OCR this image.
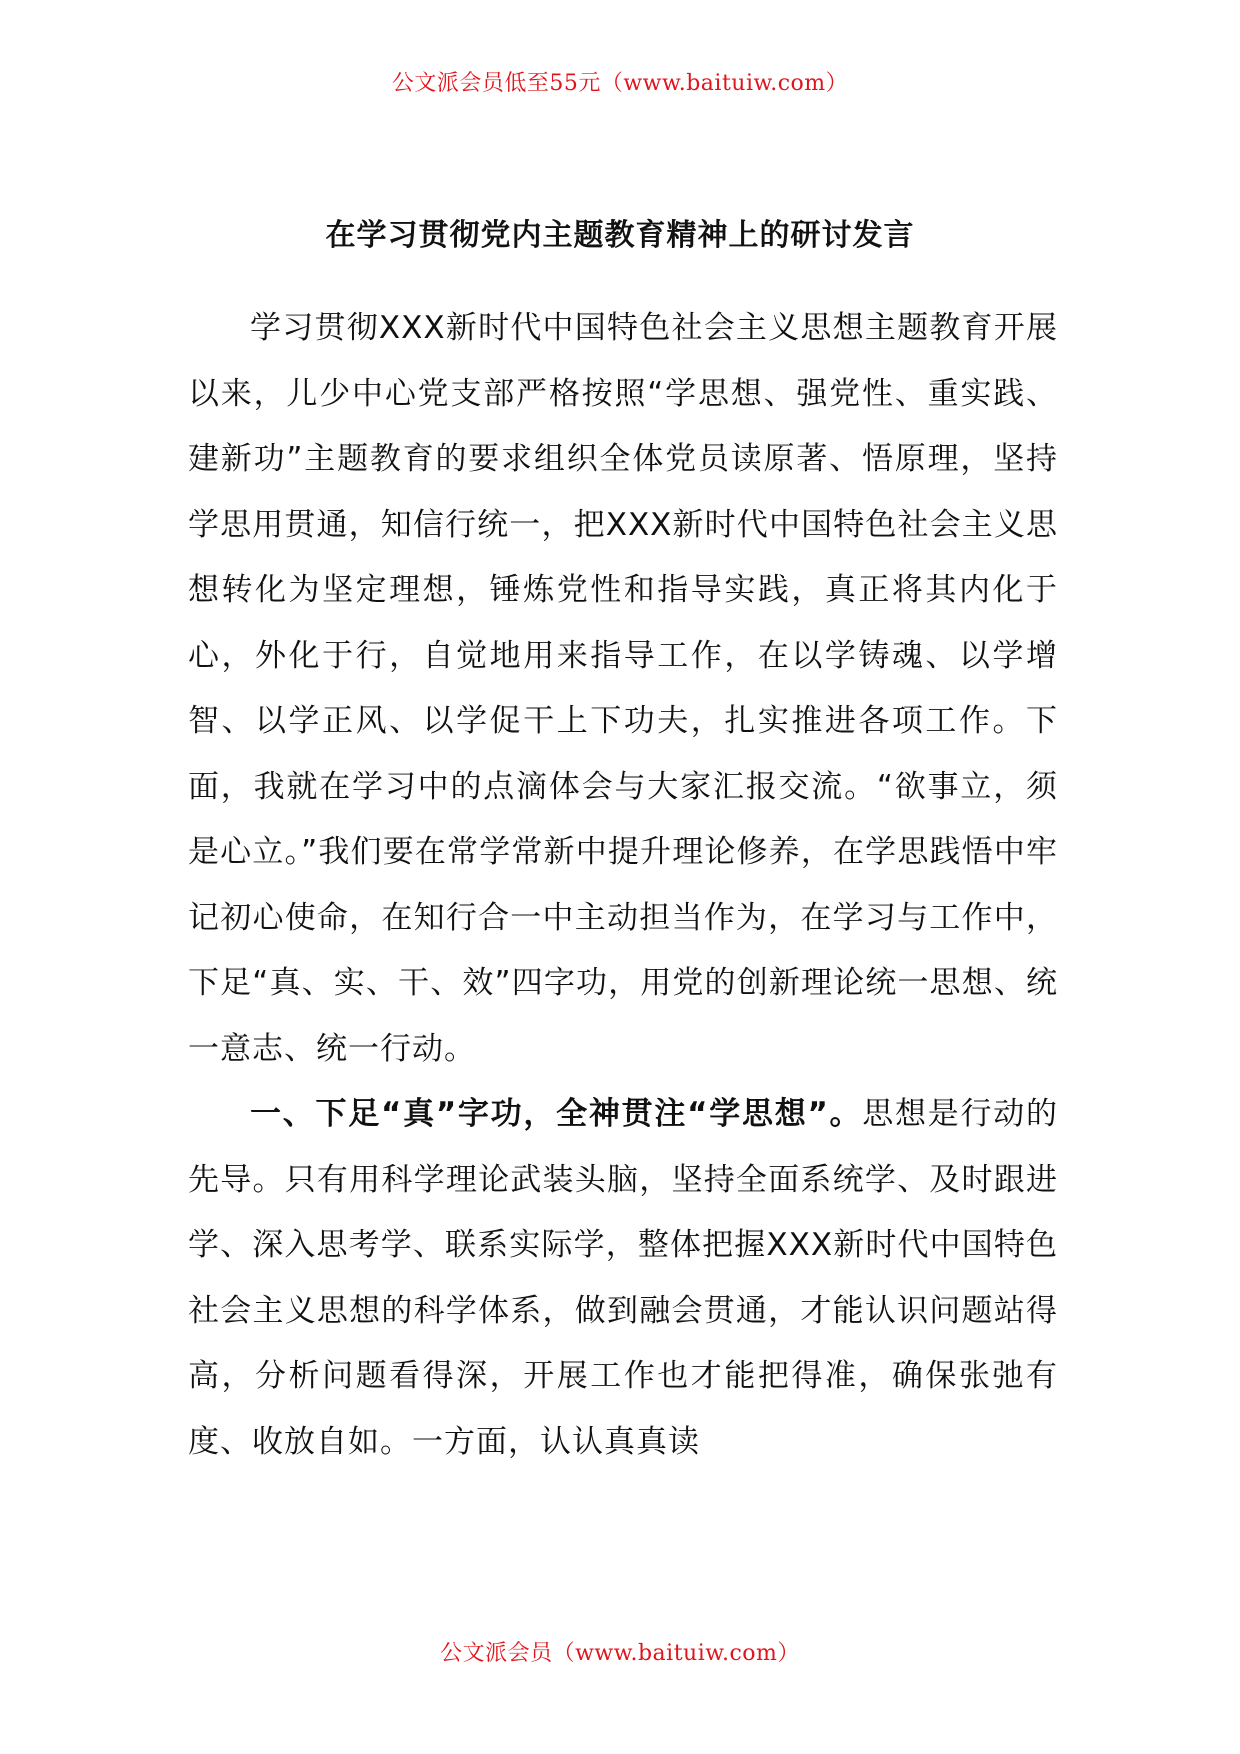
公文派会员低至55元（www.baituiw.com）
在学习贯彻党内主题教育精神上的研讨发言

学习贯彻XXX新时代中国特色社会主义思想主题教育开展以来，儿少中心党支部严格按照“学思想、强党性、重实践、建新功”主题教育的要求组织全体党员读原著、悟原理，坚持学思用贯通，知信行统一，把XXX新时代中国特色社会主义思想转化为坚定理想，锤炼党性和指导实践，真正将其内化于心，外化于行，自觉地用来指导工作，在以学铸魂、以学增智、以学正风、以学促干上下功夫，扎实推进各项工作。下面，我就在学习中的点滴体会与大家汇报交流。“欲事立，须是心立。”我们要在常学常新中提升理论修养，在学思践悟中牢记初心使命，在知行合一中主动担当作为，在学习与工作中，下足“真、实、干、效”四字功，用党的创新理论统一思想、统一意志、统一行动。

一、下足“真”字功，全神贯注“学思想”。思想是行动的先导。只有用科学理论武装头脑，坚持全面系统学、及时跟进学、深入思考学、联系实际学，整体把握XXX新时代中国特色社会主义思想的科学体系，做到融会贯通，才能认识问题站得高，分析问题看得深，开展工作也才能把得准，确保张弛有度、收放自如。一方面，认认真真读

公文派会员（www.baituiw.com）
